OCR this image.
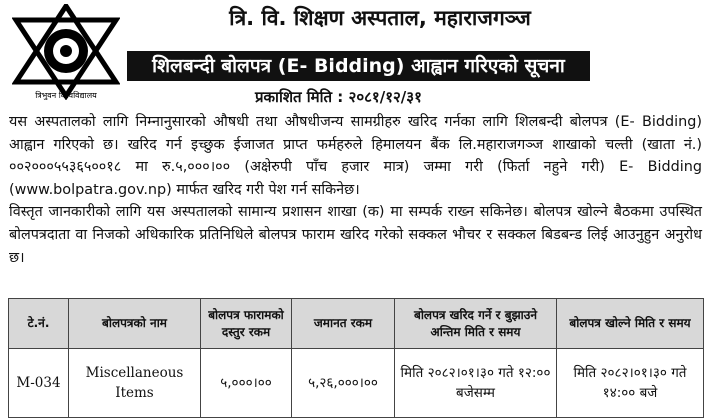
त्रिभुवन विश्वविद्यालय
त्रि. वि. शिक्षण अस्पताल, महाराजगञ्ज
शिलबन्दी बोलपत्र (E- Bidding) आह्वान गरिएको सूचना
प्रकाशित मिति : २०८१/१२/३१

यस अस्पतालको लागि निम्नानुसारको औषधी तथा औषधीजन्य सामग्रीहरु खरिद गर्नका लागि शिलबन्दी बोलपत्र (E- Bidding) आह्वान गरिएको छ। खरिद गर्न इच्छुक ईजाजत प्राप्त फर्महरुले हिमालयन बैंक लि.महाराजगञ्ज शाखाको चल्ती (खाता नं.) ००२०००५५३६५००१८ मा रु.५,०००।०० (अक्षेरुपी पाँच हजार मात्र) जम्मा गरी (फिर्ता नहुने गरी) E- Bidding (www.bolpatra.gov.np) मार्फत खरिद गरी पेश गर्न सकिनेछ।

विस्तृत जानकारीको लागि यस अस्पतालको सामान्य प्रशासन शाखा (क) मा सम्पर्क राख्न सकिनेछ। बोलपत्र खोल्ने बैठकमा उपस्थित बोलपत्रदाता वा निजको अधिकारिक प्रतिनिधिले बोलपत्र फाराम खरिद गरेको सक्कल भौचर र सक्कल बिडबन्ड लिई आउनुहुन अनुरोध छ।

टे.नं.	बोलपत्रको नाम	बोलपत्र फारामको दस्तुर रकम	जमानत रकम	बोलपत्र खरिद गर्ने र बुझाउने अन्तिम मिति र समय	बोलपत्र खोल्ने मिति र समय
M-034	Miscellaneous Items	५,०००।००	५,२६,०००।००	मिति २०८२।०१।३० गते १२:०० बजेसम्म	मिति २०८२।०१।३० गते १४:०० बजे
